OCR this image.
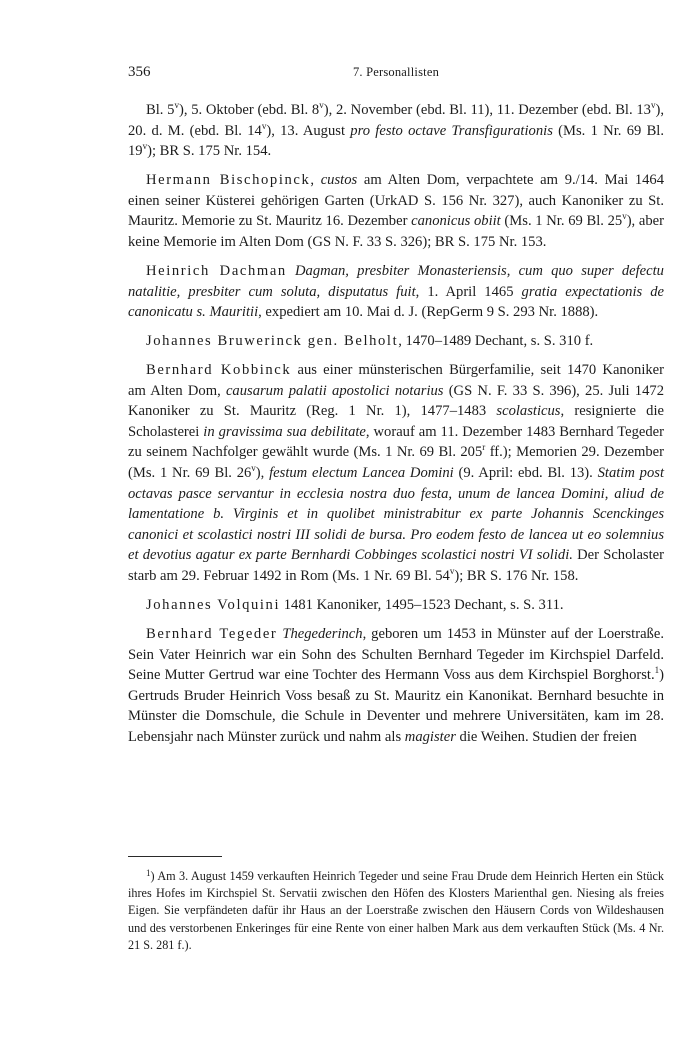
356	7. Personallisten

Bl. 5$^v$), 5. Oktober (ebd. Bl. 8$^v$), 2. November (ebd. Bl. 11), 11. Dezember (ebd. Bl. 13$^v$), 20. d. M. (ebd. Bl. 14$^v$), 13. August pro festo octave Transfigurationis (Ms. 1 Nr. 69 Bl. 19$^v$); BR S. 175 Nr. 154.

Hermann Bischopinck, custos am Alten Dom, verpachtete am 9./14. Mai 1464 einen seiner Küsterei gehörigen Garten (UrkAD S. 156 Nr. 327), auch Kanoniker zu St. Mauritz. Memorie zu St. Mauritz 16. Dezember canonicus obiit (Ms. 1 Nr. 69 Bl. 25$^v$), aber keine Memorie im Alten Dom (GS N. F. 33 S. 326); BR S. 175 Nr. 153.

Heinrich Dachman Dagman, presbiter Monasteriensis, cum quo super defectu natalitie, presbiter cum soluta, disputatus fuit, 1. April 1465 gratia expectationis de canonicatu s. Mauritii, expediert am 10. Mai d. J. (RepGerm 9 S. 293 Nr. 1888).

Johannes Bruwerinck gen. Belholt, 1470–1489 Dechant, s. S. 310 f.

Bernhard Kobbinck aus einer münsterischen Bürgerfamilie, seit 1470 Kanoniker am Alten Dom, causarum palatii apostolici notarius (GS N. F. 33 S. 396), 25. Juli 1472 Kanoniker zu St. Mauritz (Reg. 1 Nr. 1), 1477–1483 scolasticus, resignierte die Scholasterei in gravissima sua debilitate, worauf am 11. Dezember 1483 Bernhard Tegeder zu seinem Nachfolger gewählt wurde (Ms. 1 Nr. 69 Bl. 205$^r$ ff.); Memorien 29. Dezember (Ms. 1 Nr. 69 Bl. 26$^v$), festum electum Lancea Domini (9. April: ebd. Bl. 13). Statim post octavas pasce servantur in ecclesia nostra duo festa, unum de lancea Domini, aliud de lamentatione b. Virginis et in quolibet ministrabitur ex parte Johannis Scenckinges canonici et scolastici nostri III solidi de bursa. Pro eodem festo de lancea ut eo solemnius et devotius agatur ex parte Bernhardi Cobbinges scolastici nostri VI solidi. Der Scholaster starb am 29. Februar 1492 in Rom (Ms. 1 Nr. 69 Bl. 54$^v$); BR S. 176 Nr. 158.

Johannes Volquini 1481 Kanoniker, 1495–1523 Dechant, s. S. 311.

Bernhard Tegeder Thegederinch, geboren um 1453 in Münster auf der Loerstraße. Sein Vater Heinrich war ein Sohn des Schulten Bernhard Tegeder im Kirchspiel Darfeld. Seine Mutter Gertrud war eine Tochter des Hermann Voss aus dem Kirchspiel Borghorst.$^1$) Gertruds Bruder Heinrich Voss besaß zu St. Mauritz ein Kanonikat. Bernhard besuchte in Münster die Domschule, die Schule in Deventer und mehrere Universitäten, kam im 28. Lebensjahr nach Münster zurück und nahm als magister die Weihen. Studien der freien

$^1$) Am 3. August 1459 verkauften Heinrich Tegeder und seine Frau Drude dem Heinrich Herten ein Stück ihres Hofes im Kirchspiel St. Servatii zwischen den Höfen des Klosters Marienthal gen. Niesing als freies Eigen. Sie verpfändeten dafür ihr Haus an der Loerstraße zwischen den Häusern Cords von Wildeshausen und des verstorbenen Enkeringes für eine Rente von einer halben Mark aus dem verkauften Stück (Ms. 4 Nr. 21 S. 281 f.).
